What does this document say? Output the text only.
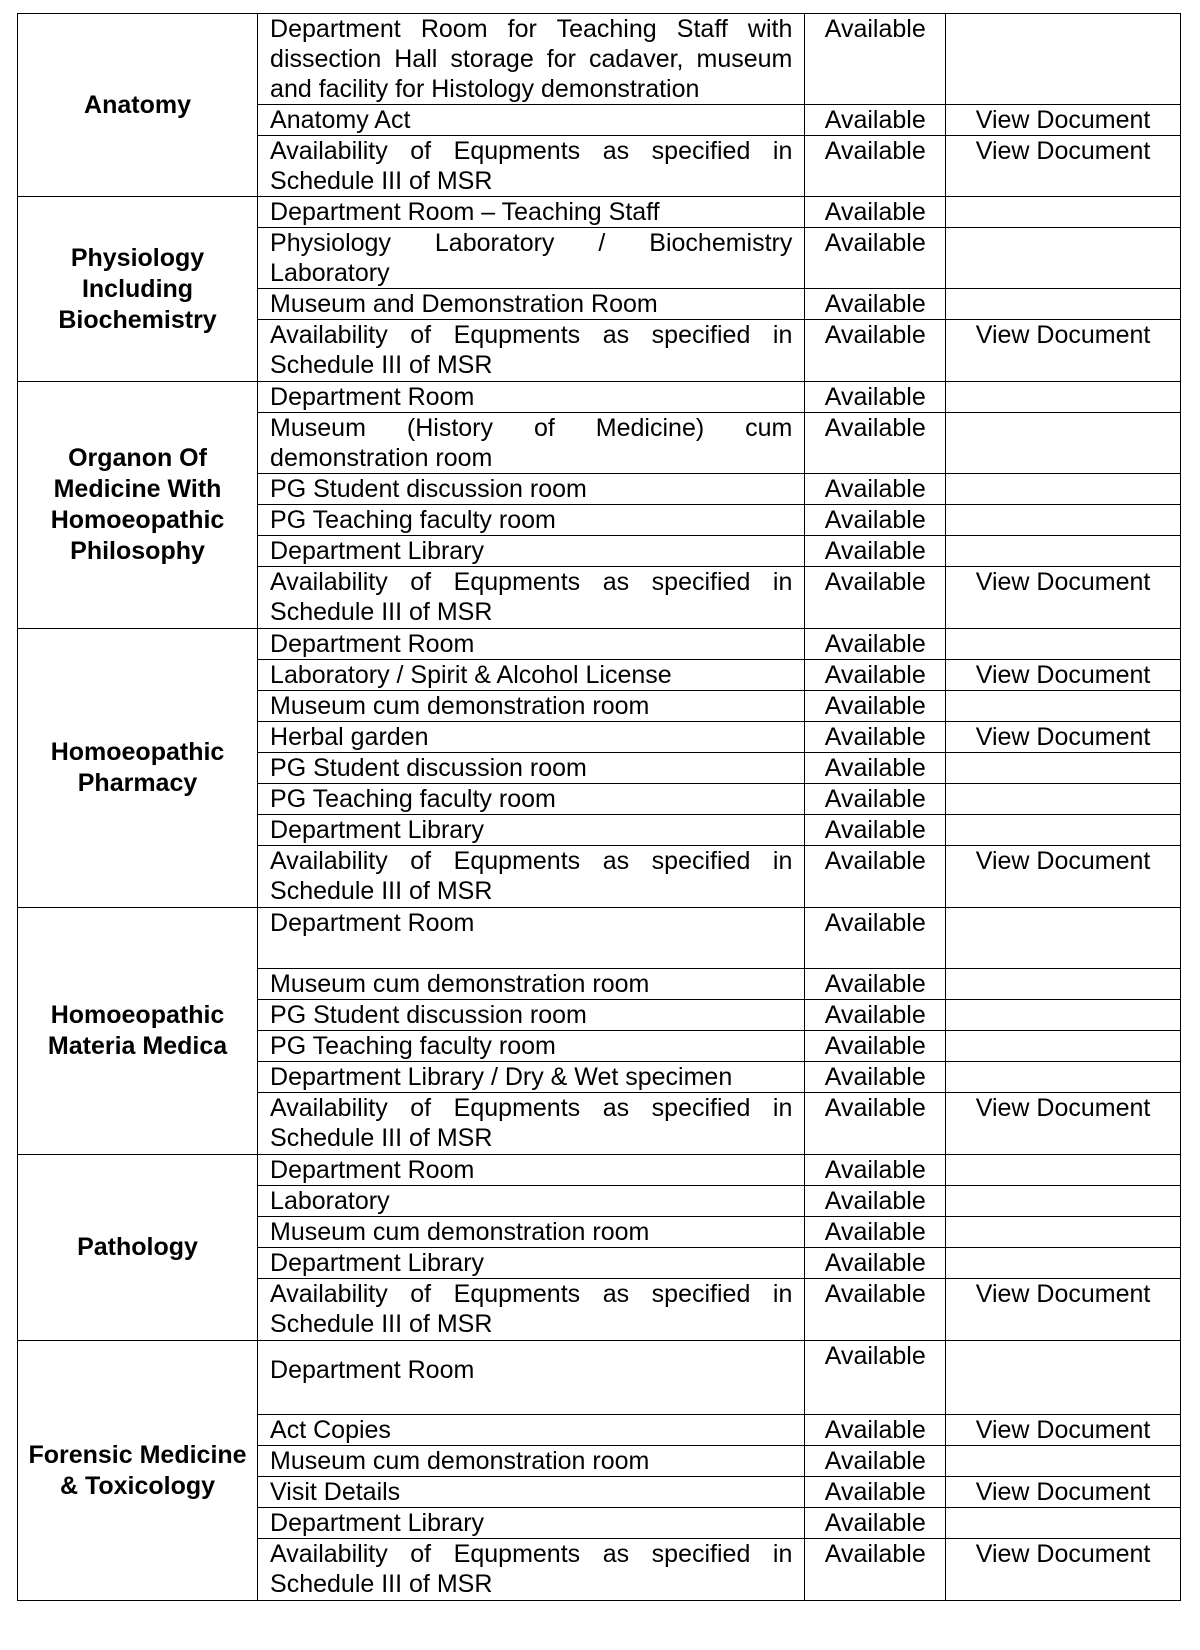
Anatomy	Department Room for Teaching Staff with dissection Hall storage for cadaver, museum and facility for Histology demonstration	Available	
	Anatomy Act	Available	View Document
	Availability of Equpments as specified in Schedule III of MSR	Available	View Document
Physiology Including Biochemistry	Department Room – Teaching Staff	Available	
	Physiology Laboratory / Biochemistry Laboratory	Available	
	Museum and Demonstration Room	Available	
	Availability of Equpments as specified in Schedule III of MSR	Available	View Document
Organon Of Medicine With Homoeopathic Philosophy	Department Room	Available	
	Museum (History of Medicine) cum demonstration room	Available	
	PG Student discussion room	Available	
	PG Teaching faculty room	Available	
	Department Library	Available	
	Availability of Equpments as specified in Schedule III of MSR	Available	View Document
Homoeopathic Pharmacy	Department Room	Available	
	Laboratory / Spirit & Alcohol License	Available	View Document
	Museum cum demonstration room	Available	
	Herbal garden	Available	View Document
	PG Student discussion room	Available	
	PG Teaching faculty room	Available	
	Department Library	Available	
	Availability of Equpments as specified in Schedule III of MSR	Available	View Document
Homoeopathic Materia Medica	Department Room	Available	
	Museum cum demonstration room	Available	
	PG Student discussion room	Available	
	PG Teaching faculty room	Available	
	Department Library / Dry & Wet specimen	Available	
	Availability of Equpments as specified in Schedule III of MSR	Available	View Document
Pathology	Department Room	Available	
	Laboratory	Available	
	Museum cum demonstration room	Available	
	Department Library	Available	
	Availability of Equpments as specified in Schedule III of MSR	Available	View Document
Forensic Medicine & Toxicology	Department Room	Available	
	Act Copies	Available	View Document
	Museum cum demonstration room	Available	
	Visit Details	Available	View Document
	Department Library	Available	
	Availability of Equpments as specified in Schedule III of MSR	Available	View Document
